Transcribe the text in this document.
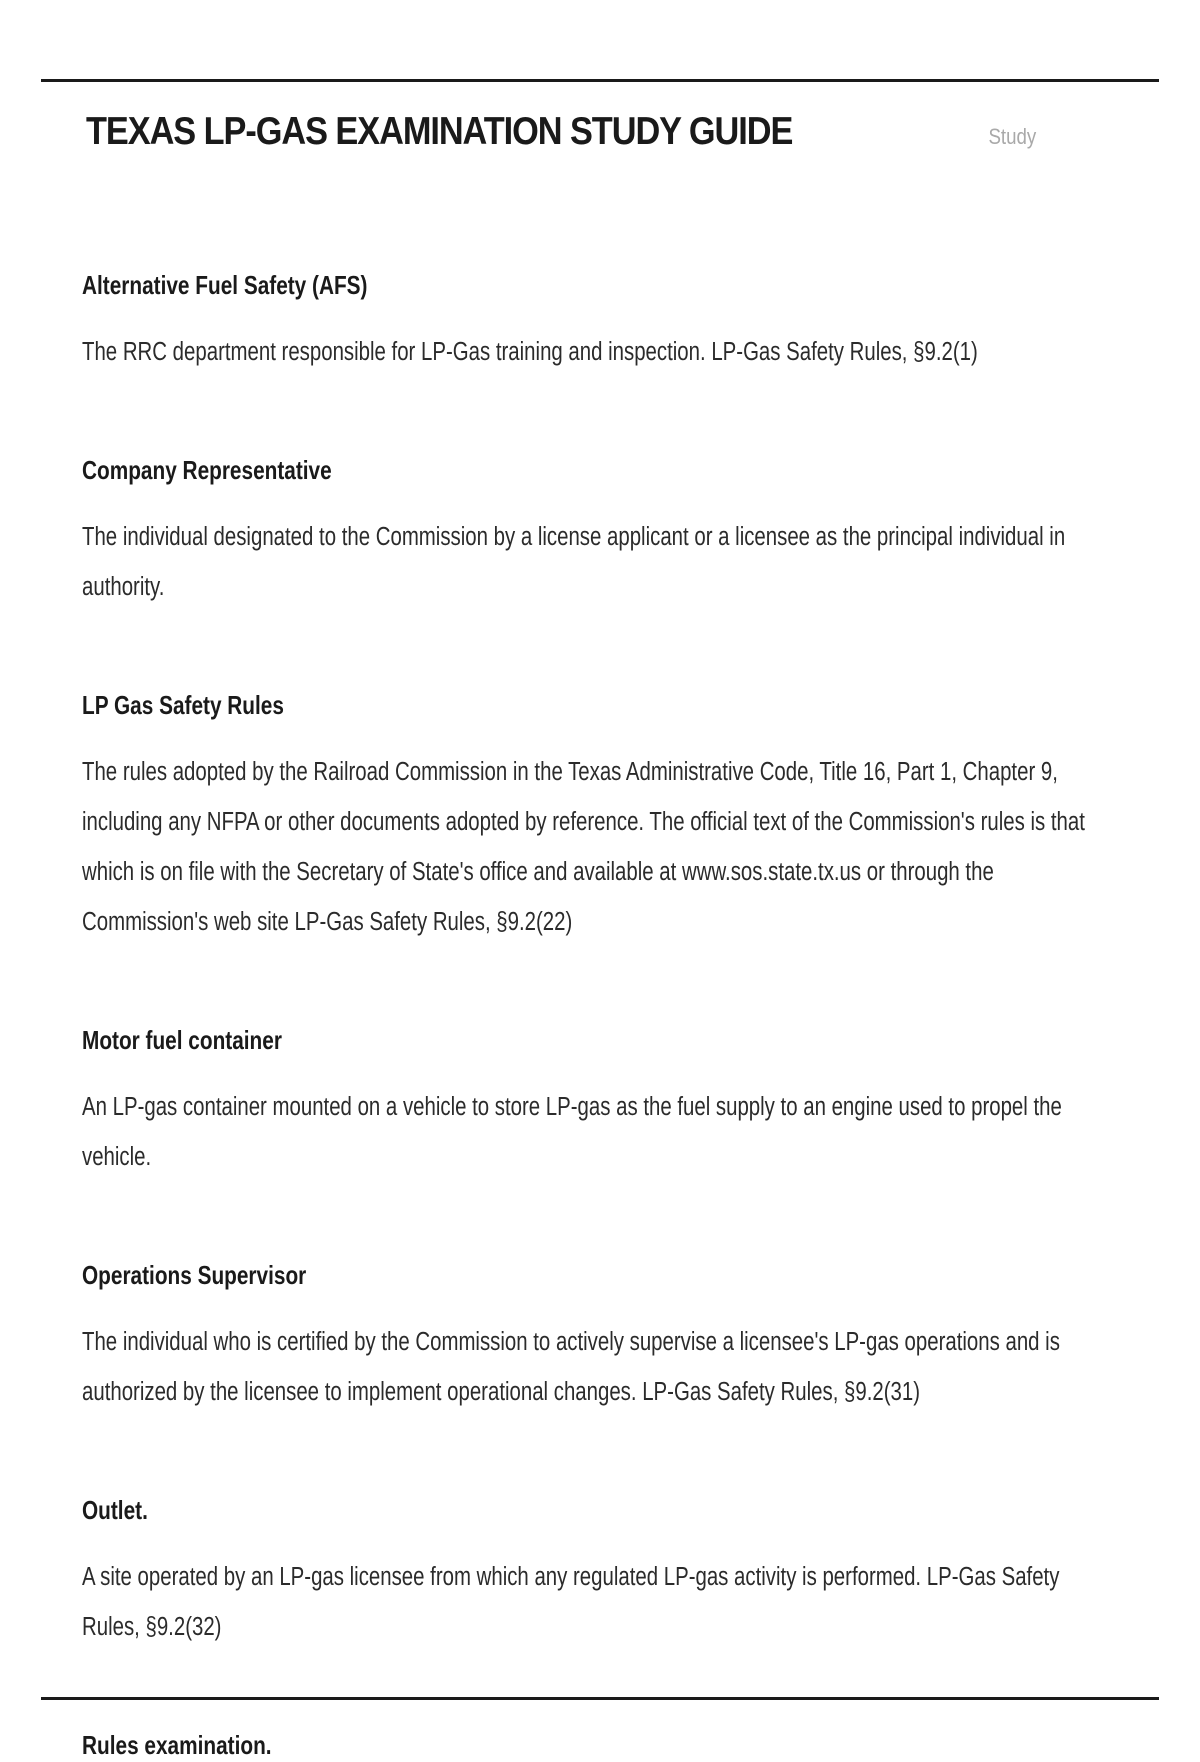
TEXAS LP-GAS EXAMINATION STUDY GUIDE	Study
Alternative Fuel Safety (AFS)

The RRC department responsible for LP-Gas training and inspection. LP-Gas Safety Rules, §9.2(1)

Company Representative

The individual designated to the Commission by a license applicant or a licensee as the principal individual in authority.

LP Gas Safety Rules

The rules adopted by the Railroad Commission in the Texas Administrative Code, Title 16, Part 1, Chapter 9, including any NFPA or other documents adopted by reference. The official text of the Commission's rules is that which is on file with the Secretary of State's office and available at www.sos.state.tx.us or through the Commission's web site LP-Gas Safety Rules, §9.2(22)

Motor fuel container

An LP-gas container mounted on a vehicle to store LP-gas as the fuel supply to an engine used to propel the vehicle.

Operations Supervisor

The individual who is certified by the Commission to actively supervise a licensee's LP-gas operations and is authorized by the licensee to implement operational changes. LP-Gas Safety Rules, §9.2(31)

Outlet.

A site operated by an LP-gas licensee from which any regulated LP-gas activity is performed. LP-Gas Safety Rules, §9.2(32)

Rules examination.
